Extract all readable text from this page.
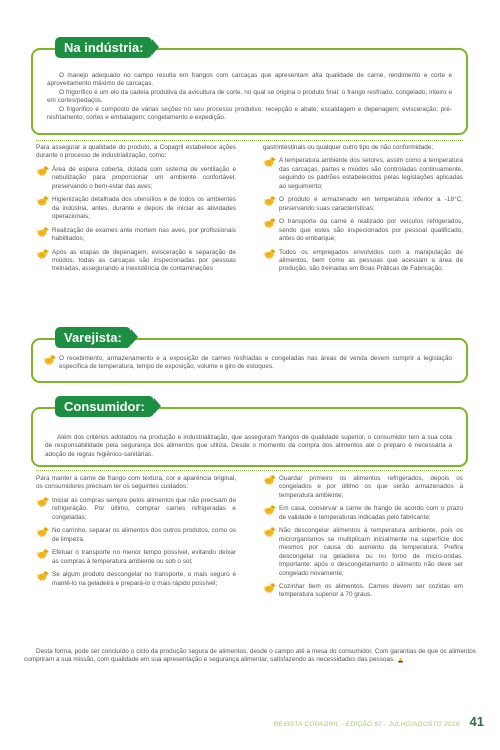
Na indústria:

O manejo adequado no campo resulta em frangos com carcaças que apresentam alta qualidade de carne, rendimento e corte e aproveitamento máximo de carcaças.

O frigorífico é um elo da cadeia produtiva da avicultura de corte, no qual se origina o produto final: o frango resfriado, congelado, inteiro e em cortes/pedaços.

O frigorífico é composto de várias seções no seu processo produtivo: recepção e abate; escaldagem e depenagem; evisceração; pré-resfriamento; cortes e embalagem; congelamento e expedição.

Para assegurar a qualidade do produto, a Copagril estabelece ações durante o processo de industrialização, como:

Área de espera coberta, dotada com sistema de ventilação e nebulização para proporcionar um ambiente confortável, preservando o bem-estar das aves;

Higienização detalhada dos utensílios e de todos os ambientes da indústria, antes, durante e depois de iniciar as atividades operacionais;

Realização de exames ante mortem nas aves, por profissionais habilitados;

Após as etapas de depenagem, evisceração e separação de miúdos, todas as carcaças são inspecionadas por pessoas treinadas, assegurando a inexistência de contaminações

gastrintestinais ou qualquer outro tipo de não conformidade;

A temperatura ambiente dos setores, assim como a temperatura das carcaças, partes e miúdos são controladas continuamente, seguindo os padrões estabelecidos pelas legislações aplicadas ao seguimento;

O produto é armazenado em temperatura inferior a -18°C, preservando suas características;

O transporte da carne é realizado por veículos refrigerados, sendo que estes são inspecionados por pessoal qualificado, antes do embarque;

Todos os empregados envolvidos com a manipulação de alimentos, bem como as pessoas que acessam a área de produção, são treinadas em Boas Práticas de Fabricação.

Varejista:

O recebimento, armazenamento e a exposição de carnes resfriadas e congeladas nas áreas de venda devem cumprir a legislação específica de temperatura, tempo de exposição, volume e giro de estoques.

Consumidor:

Além dos critérios adotados na produção e industrialização, que asseguram frangos de qualidade superior, o consumidor tem a sua cota de responsabilidade pela segurança dos alimentos que utiliza. Desde o momento da compra dos alimentos até o preparo é necessária a adoção de regras higiênico-sanitárias.

Para manter a carne de frango com textura, cor e aparência original, os consumidores precisam ter os seguintes cuidados:

Iniciar as compras sempre pelos alimentos que não precisam de refrigeração. Por último, comprar carnes refrigeradas e congeladas;

No carrinho, separar os alimentos dos outros produtos, como os de limpeza.

Efetuar o transporte no menor tempo possível, evitando deixar as compras à temperatura ambiente ou sob o sol;

Se algum produto descongelar no transporte, o mais seguro é mantê-lo na geladeira e prepará-lo o mais rápido possível;

Guardar primeiro os alimentos refrigerados, depois os congelados e por último os que serão armazenados à temperatura ambiente;

Em casa, conservar a carne de frango de acordo com o prazo de validade e temperaturas indicadas pelo fabricante;

Não descongelar alimentos à temperatura ambiente, pois os microrganismos se multiplicam inicialmente na superfície dos mesmos por causa do aumento da temperatura. Prefira descongelar na geladeira ou no forno de micro-ondas. Importante: após o descongelamento o alimento não deve ser congelado novamente;

Cozinhar bem os alimentos. Carnes devem ser cozidas em temperatura superior a 70 graus.

Desta forma, pode ser concluído o ciclo da produção segura de alimentos, desde o campo até a mesa do consumidor. Com garantias de que os alimentos cumpriram a sua missão, com qualidade em sua apresentação e segurança alimentar, satisfazendo as necessidades das pessoas.

REVISTA COPAGRIL - EDIÇÃO 87 - JULHO/AGOSTO 2015 41
